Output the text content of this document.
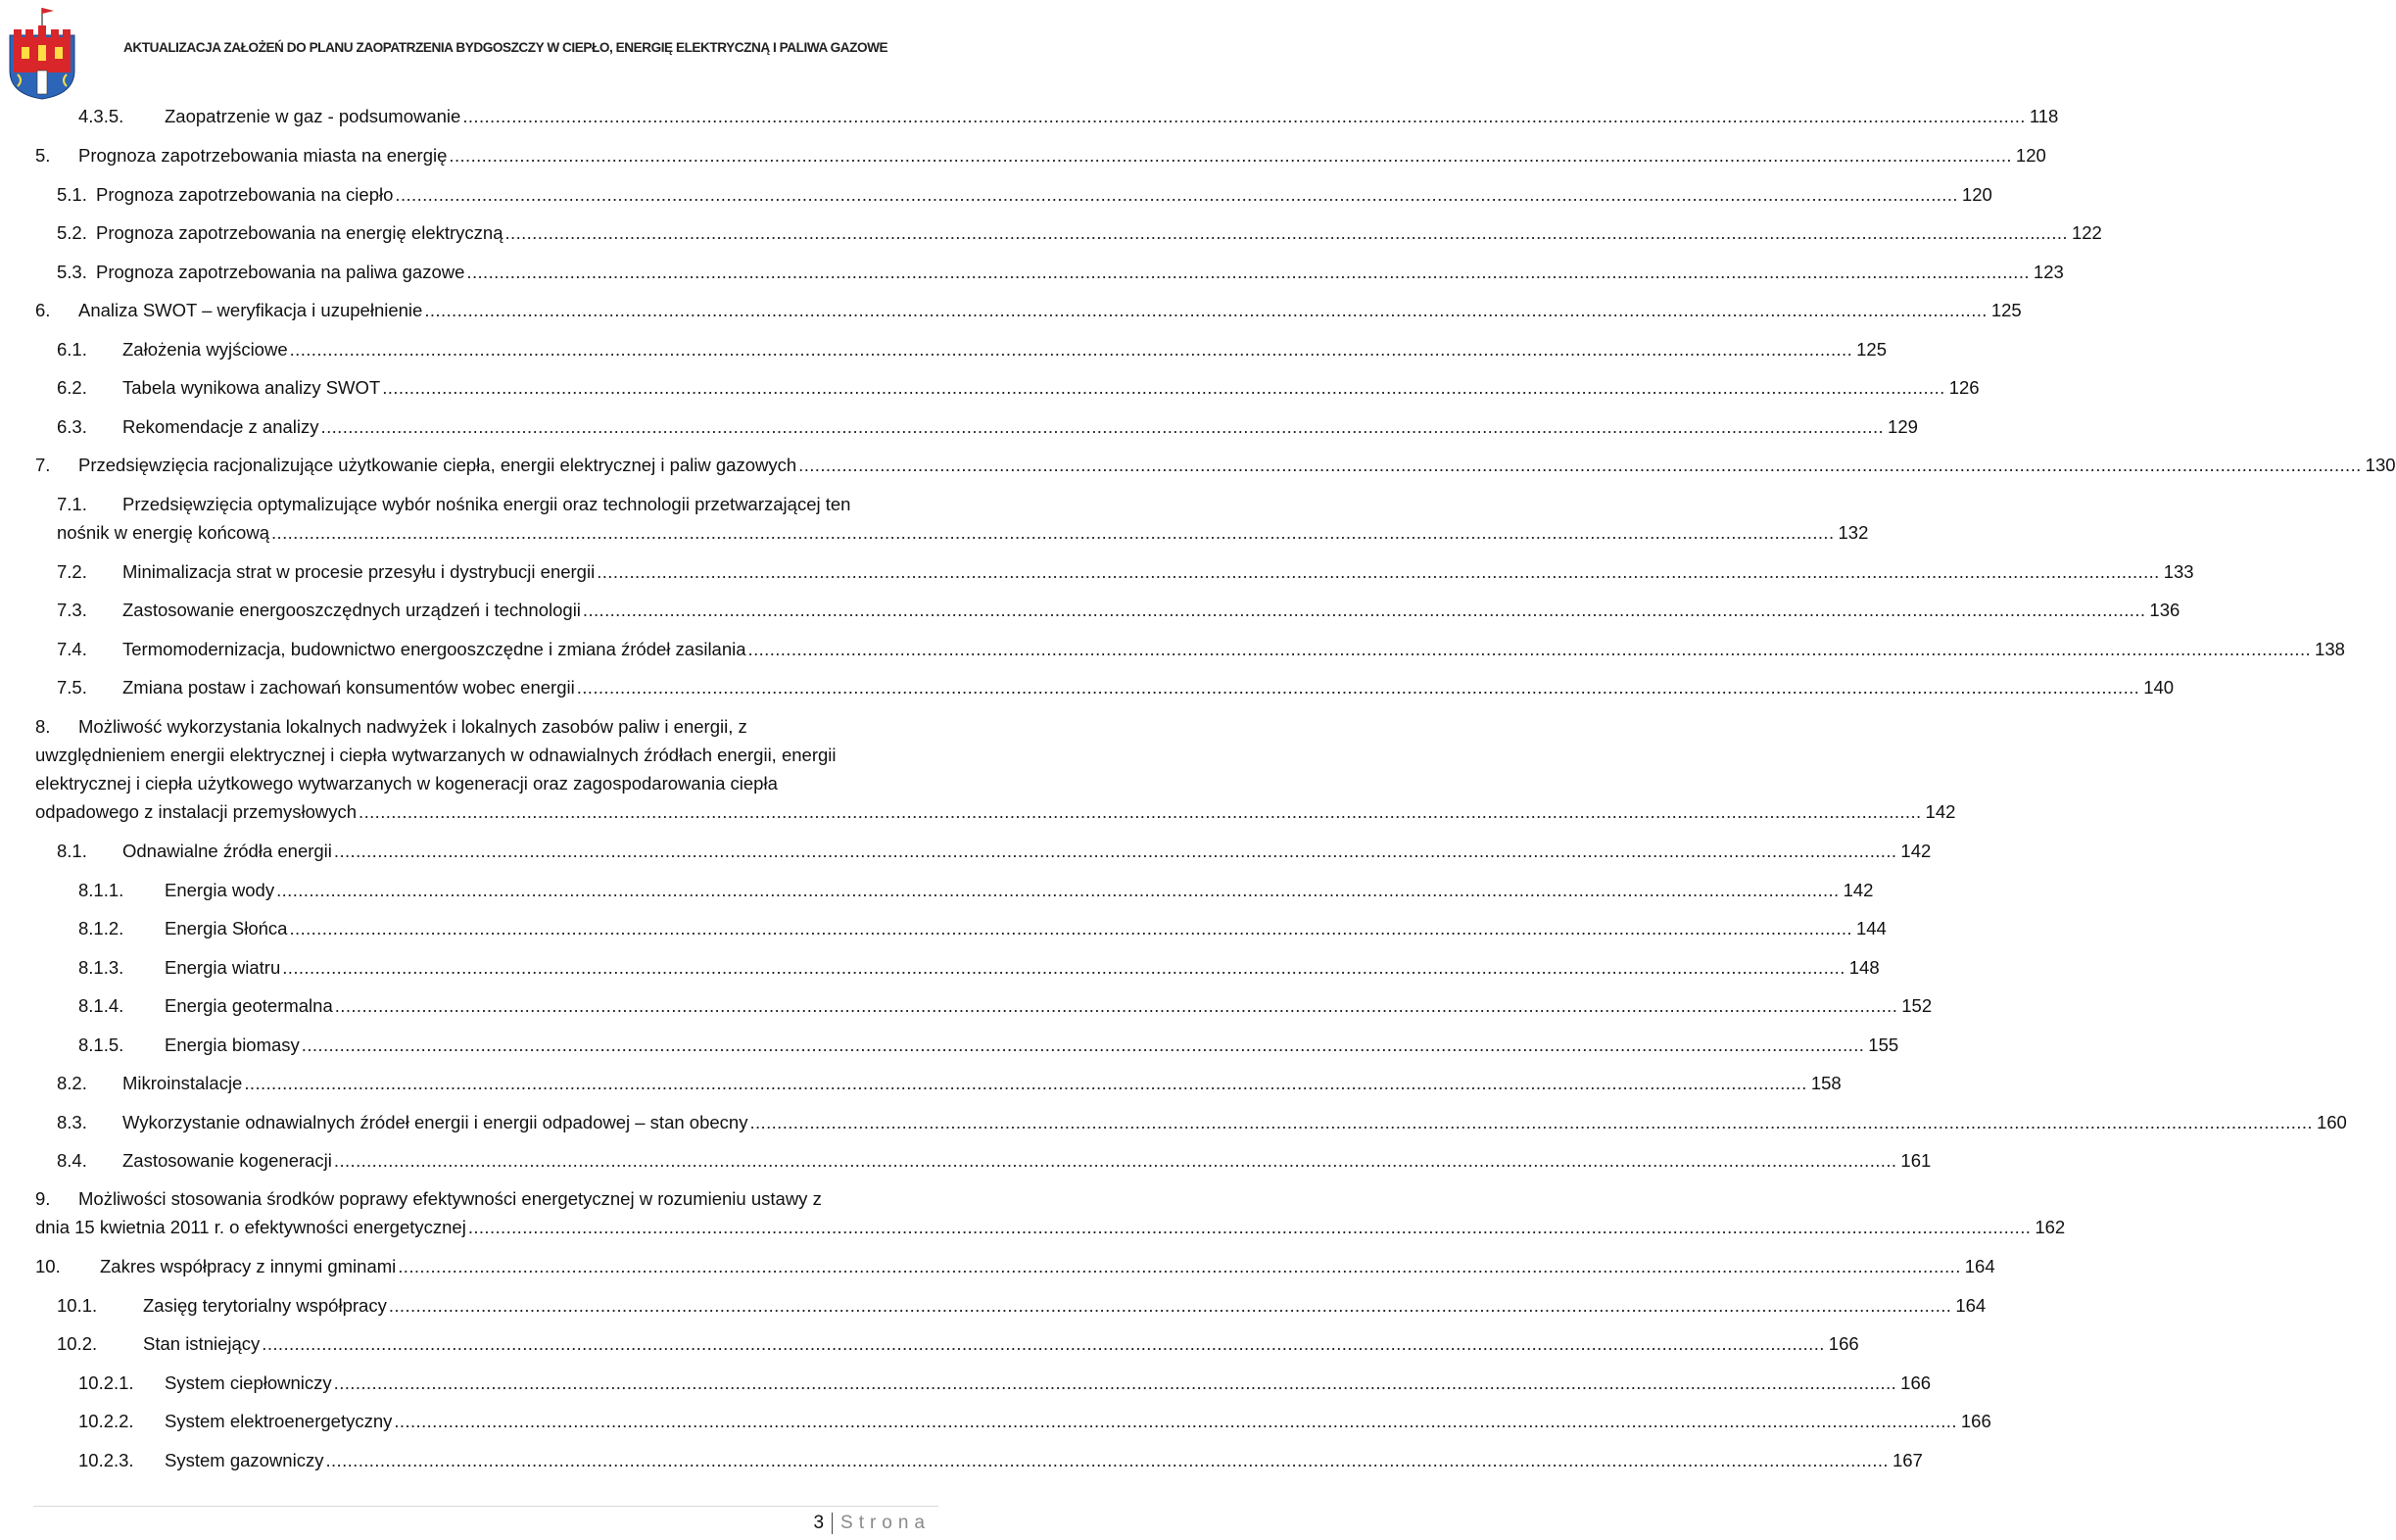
AKTUALIZACJA ZAŁOŻEŃ DO PLANU ZAOPATRZENIA BYDGOSZCZY W CIEPŁO, ENERGIĘ ELEKTRYCZNĄ I PALIWA GAZOWE
4.3.5. Zaopatrzenie w gaz - podsumowanie .....	118
5. Prognoza zapotrzebowania miasta na energię .....	120
5.1. Prognoza zapotrzebowania na ciepło .....	120
5.2. Prognoza zapotrzebowania na energię elektryczną .....	122
5.3. Prognoza zapotrzebowania na paliwa gazowe .....	123
6. Analiza SWOT – weryfikacja i uzupełnienie .....	125
6.1. Założenia wyjściowe .....	125
6.2. Tabela wynikowa analizy SWOT .....	126
6.3. Rekomendacje z analizy .....	129
7. Przedsięwzięcia racjonalizujące użytkowanie ciepła, energii elektrycznej i paliw gazowych .....	130
7.1. Przedsięwzięcia optymalizujące wybór nośnika energii oraz technologii przetwarzającej ten
nośnik w energię końcową .....	132
7.2. Minimalizacja strat w procesie przesyłu i dystrybucji energii .....	133
7.3. Zastosowanie energooszczędnych urządzeń i technologii .....	136
7.4. Termomodernizacja, budownictwo energooszczędne i zmiana źródeł zasilania .....	138
7.5. Zmiana postaw i zachowań konsumentów wobec energii .....	140
8. Możliwość wykorzystania lokalnych nadwyżek i lokalnych zasobów paliw i energii, z
uwzględnieniem energii elektrycznej i ciepła wytwarzanych w odnawialnych źródłach energii, energii
elektrycznej i ciepła użytkowego wytwarzanych w kogeneracji oraz zagospodarowania ciepła
odpadowego z instalacji przemysłowych .....	142
8.1. Odnawialne źródła energii .....	142
8.1.1. Energia wody .....	142
8.1.2. Energia Słońca .....	144
8.1.3. Energia wiatru .....	148
8.1.4. Energia geotermalna .....	152
8.1.5. Energia biomasy .....	155
8.2. Mikroinstalacje .....	158
8.3. Wykorzystanie odnawialnych źródeł energii i energii odpadowej – stan obecny .....	160
8.4. Zastosowanie kogeneracji .....	161
9. Możliwości stosowania środków poprawy efektywności energetycznej w rozumieniu ustawy z
dnia 15 kwietnia 2011 r. o efektywności energetycznej .....	162
10. Zakres współpracy z innymi gminami .....	164
10.1.	Zasięg terytorialny współpracy .....	164
10.2.	Stan istniejący .....	166
10.2.1. System ciepłowniczy .....	166
10.2.2. System elektroenergetyczny .....	166
10.2.3. System gazowniczy .....	167
3 Strona
